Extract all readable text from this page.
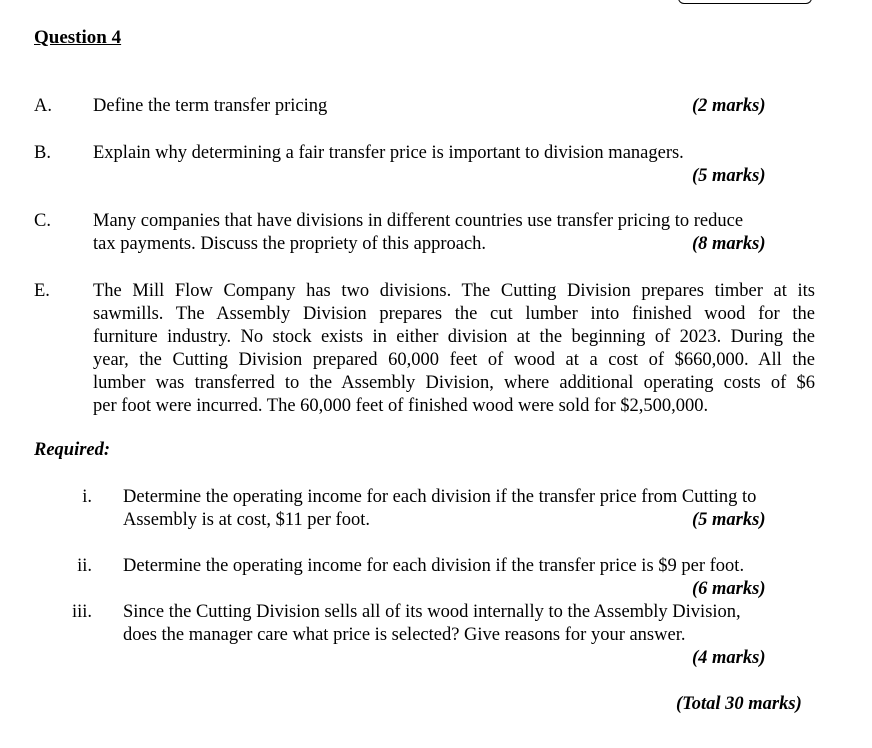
Question 4
A.	Define the term transfer pricing	(2 marks)
B.	Explain why determining a fair transfer price is important to division managers.
(5 marks)
C.	Many companies that have divisions in different countries use transfer pricing to reduce
tax payments. Discuss the propriety of this approach.	(8 marks)
E.	The Mill Flow Company has two divisions. The Cutting Division prepares timber at its
sawmills. The Assembly Division prepares the cut lumber into finished wood for the
furniture industry. No stock exists in either division at the beginning of 2023. During the
year, the Cutting Division prepared 60,000 feet of wood at a cost of $660,000. All the
lumber was transferred to the Assembly Division, where additional operating costs of $6
per foot were incurred. The 60,000 feet of finished wood were sold for $2,500,000.
Required:
i. Determine the operating income for each division if the transfer price from Cutting to
Assembly is at cost, $11 per foot.	(5 marks)
ii. Determine the operating income for each division if the transfer price is $9 per foot.
(6 marks)
iii. Since the Cutting Division sells all of its wood internally to the Assembly Division,
does the manager care what price is selected? Give reasons for your answer.
(4 marks)
(Total 30 marks)
